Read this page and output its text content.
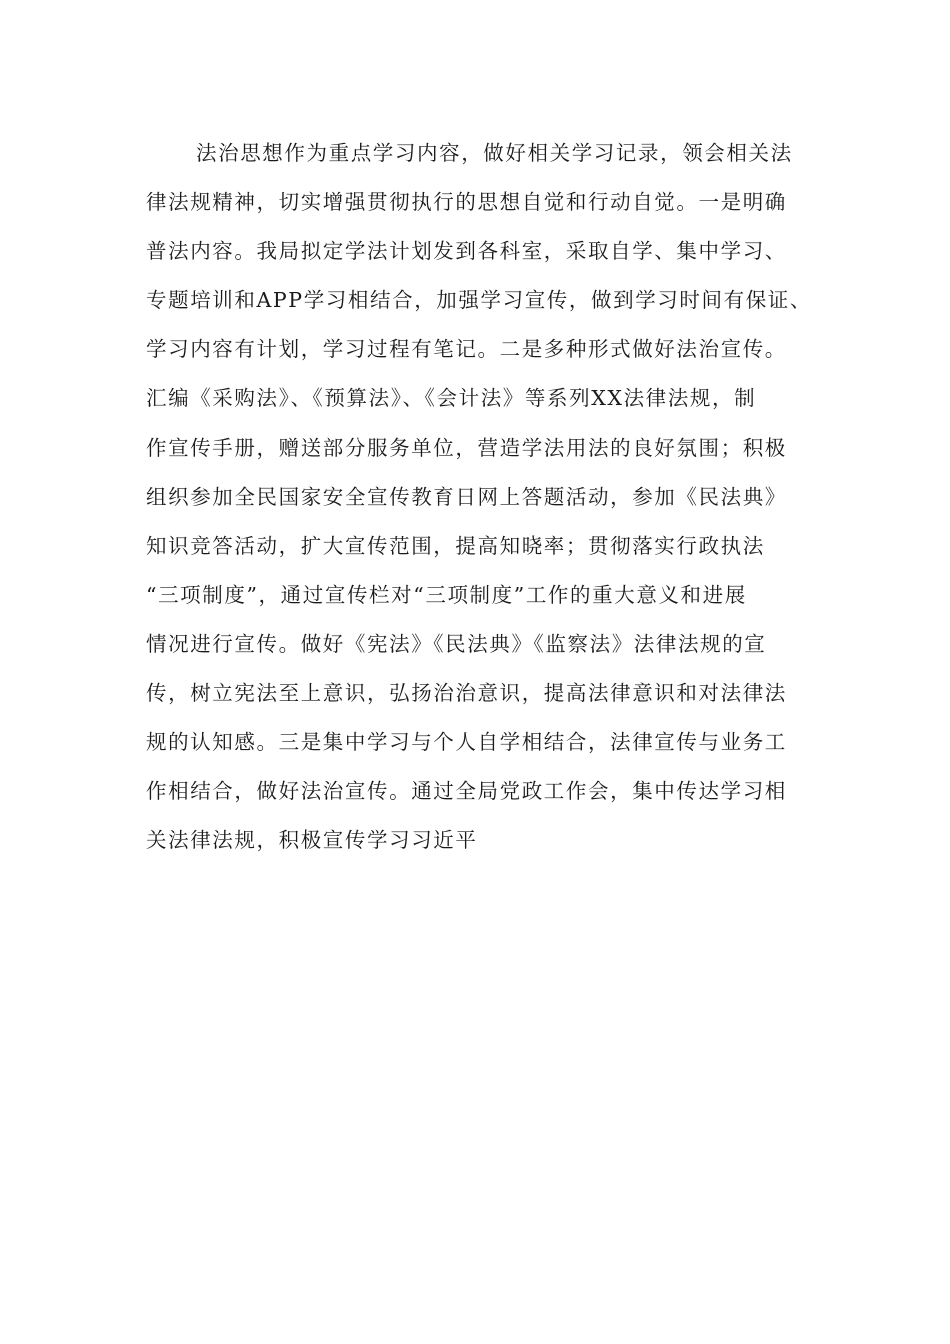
法治思想作为重点学习内容，做好相关学习记录，领会相关法
律法规精神，切实增强贯彻执行的思想自觉和行动自觉。一是明确
普法内容。我局拟定学法计划发到各科室，采取自学、集中学习、
专题培训和APP学习相结合，加强学习宣传，做到学习时间有保证、
学习内容有计划，学习过程有笔记。二是多种形式做好法治宣传。
汇编《采购法》、《预算法》、《会计法》等系列XX法律法规，制
作宣传手册，赠送部分服务单位，营造学法用法的良好氛围；积极
组织参加全民国家安全宣传教育日网上答题活动，参加《民法典》
知识竞答活动，扩大宣传范围，提高知晓率；贯彻落实行政执法
“三项制度”，通过宣传栏对“三项制度”工作的重大意义和进展
情况进行宣传。做好《宪法》《民法典》《监察法》法律法规的宣
传，树立宪法至上意识，弘扬治治意识，提高法律意识和对法律法
规的认知感。三是集中学习与个人自学相结合，法律宣传与业务工
作相结合，做好法治宣传。通过全局党政工作会，集中传达学习相
关法律法规，积极宣传学习习近平
